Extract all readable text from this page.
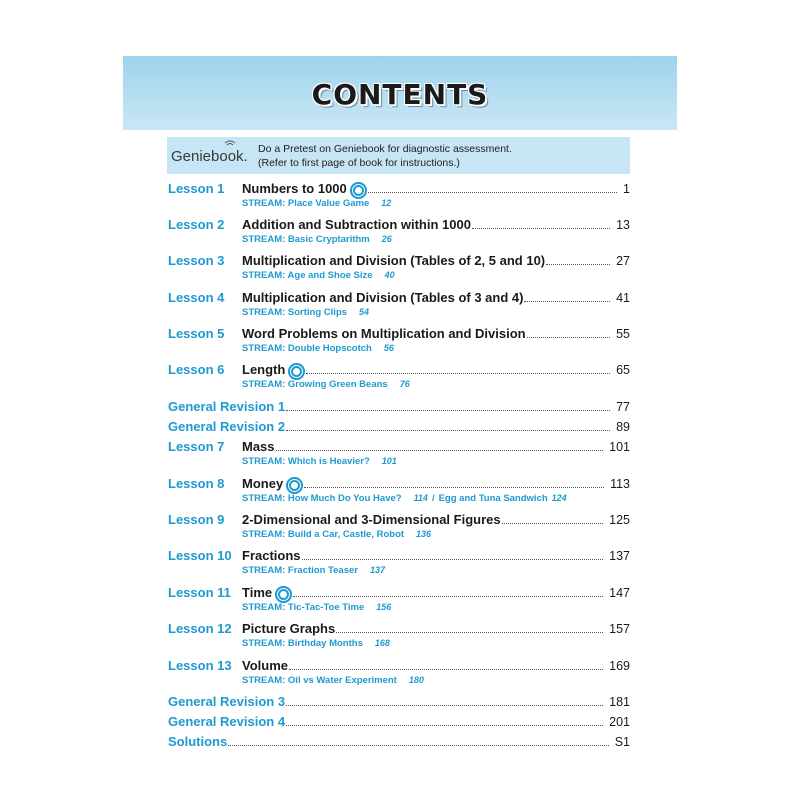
CONTENTS
Geniebook. Do a Pretest on Geniebook for diagnostic assessment.
(Refer to first page of book for instructions.)
Lesson 1 Numbers to 1000	1
STREAM: Place Value Game 12
Lesson 2 Addition and Subtraction within 1000	13
STREAM: Basic Cryptarithm 26
Lesson 3 Multiplication and Division (Tables of 2, 5 and 10)	27
STREAM: Age and Shoe Size 40
Lesson 4 Multiplication and Division (Tables of 3 and 4)	41
STREAM: Sorting Clips 54
Lesson 5 Word Problems on Multiplication and Division	55
STREAM: Double Hopscotch 56
Lesson 6 Length	65
STREAM: Growing Green Beans 76
General Revision 1	77
General Revision 2	89
Lesson 7 Mass	101
STREAM: Which is Heavier? 101
Lesson 8 Money	113
STREAM: How Much Do You Have? 114 / Egg and Tuna Sandwich 124
Lesson 9 2-Dimensional and 3-Dimensional Figures	125
STREAM: Build a Car, Castle, Robot 136
Lesson 10 Fractions	137
STREAM: Fraction Teaser 137
Lesson 11 Time	147
STREAM: Tic-Tac-Toe Time 156
Lesson 12 Picture Graphs	157
STREAM: Birthday Months 168
Lesson 13 Volume	169
STREAM: Oil vs Water Experiment 180
General Revision 3	181
General Revision 4	201
Solutions	S1
